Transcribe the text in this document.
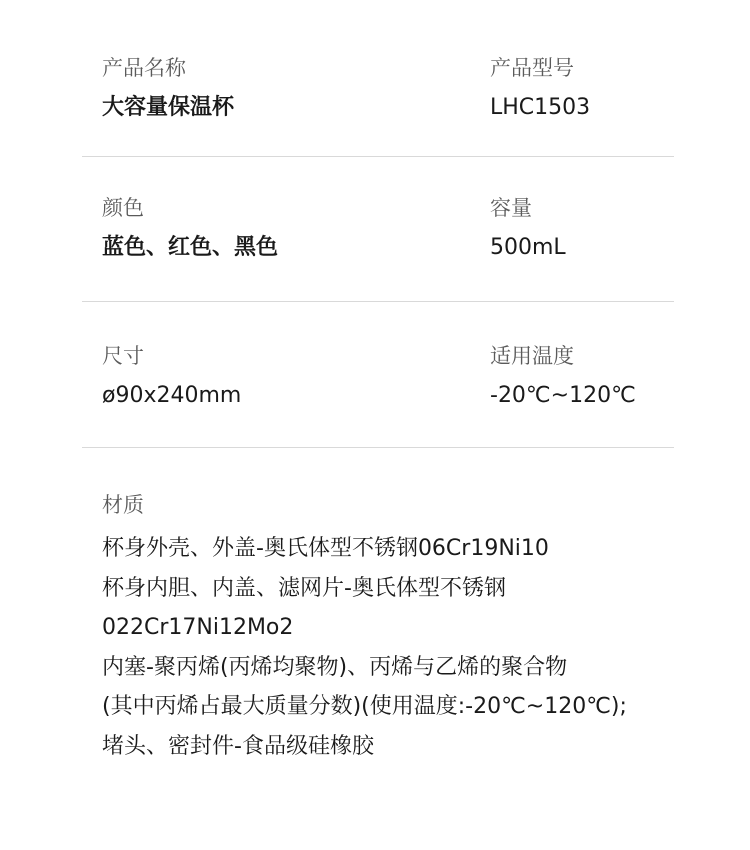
产品名称
大容量保温杯
产品型号
LHC1503
颜色
蓝色、红色、黑色
容量
500mL
尺寸
ø90x240mm
适用温度
-20℃~120℃
材质
杯身外壳、外盖-奥氏体型不锈钢06Cr19Ni10
杯身内胆、内盖、滤网片-奥氏体型不锈钢
022Cr17Ni12Mo2
内塞-聚丙烯(丙烯均聚物)、丙烯与乙烯的聚合物
(其中丙烯占最大质量分数)(使用温度:-20℃~120℃);
堵头、密封件-食品级硅橡胶
